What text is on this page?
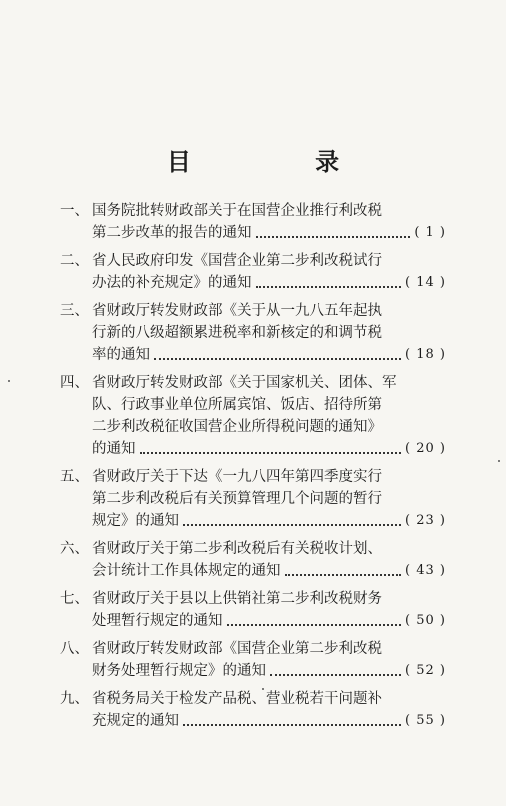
目 录
一、 国务院批转财政部关于在国营企业推行利改税
第二步改革的报告的通知	( 1 )
二、 省人民政府印发《国营企业第二步利改税试行
办法的补充规定》的通知	( 14 )
三、 省财政厅转发财政部《关于从一九八五年起执
行新的八级超额累进税率和新核定的和调节税
率的通知	( 18 )
四、 省财政厅转发财政部《关于国家机关、团体、军
队、行政事业单位所属宾馆、饭店、招待所第
二步利改税征收国营企业所得税问题的通知》
的通知	( 20 )
五、 省财政厅关于下达《一九八四年第四季度实行
第二步利改税后有关预算管理几个问题的暂行
规定》的通知	( 23 )
六、 省财政厅关于第二步利改税后有关税收计划、
会计统计工作具体规定的通知	( 43 )
七、 省财政厅关于县以上供销社第二步利改税财务
处理暂行规定的通知	( 50 )
八、 省财政厅转发财政部《国营企业第二步利改税
财务处理暂行规定》的通知	( 52 )
九、 省税务局关于检发产品税、营业税若干问题补
充规定的通知	( 55 )
